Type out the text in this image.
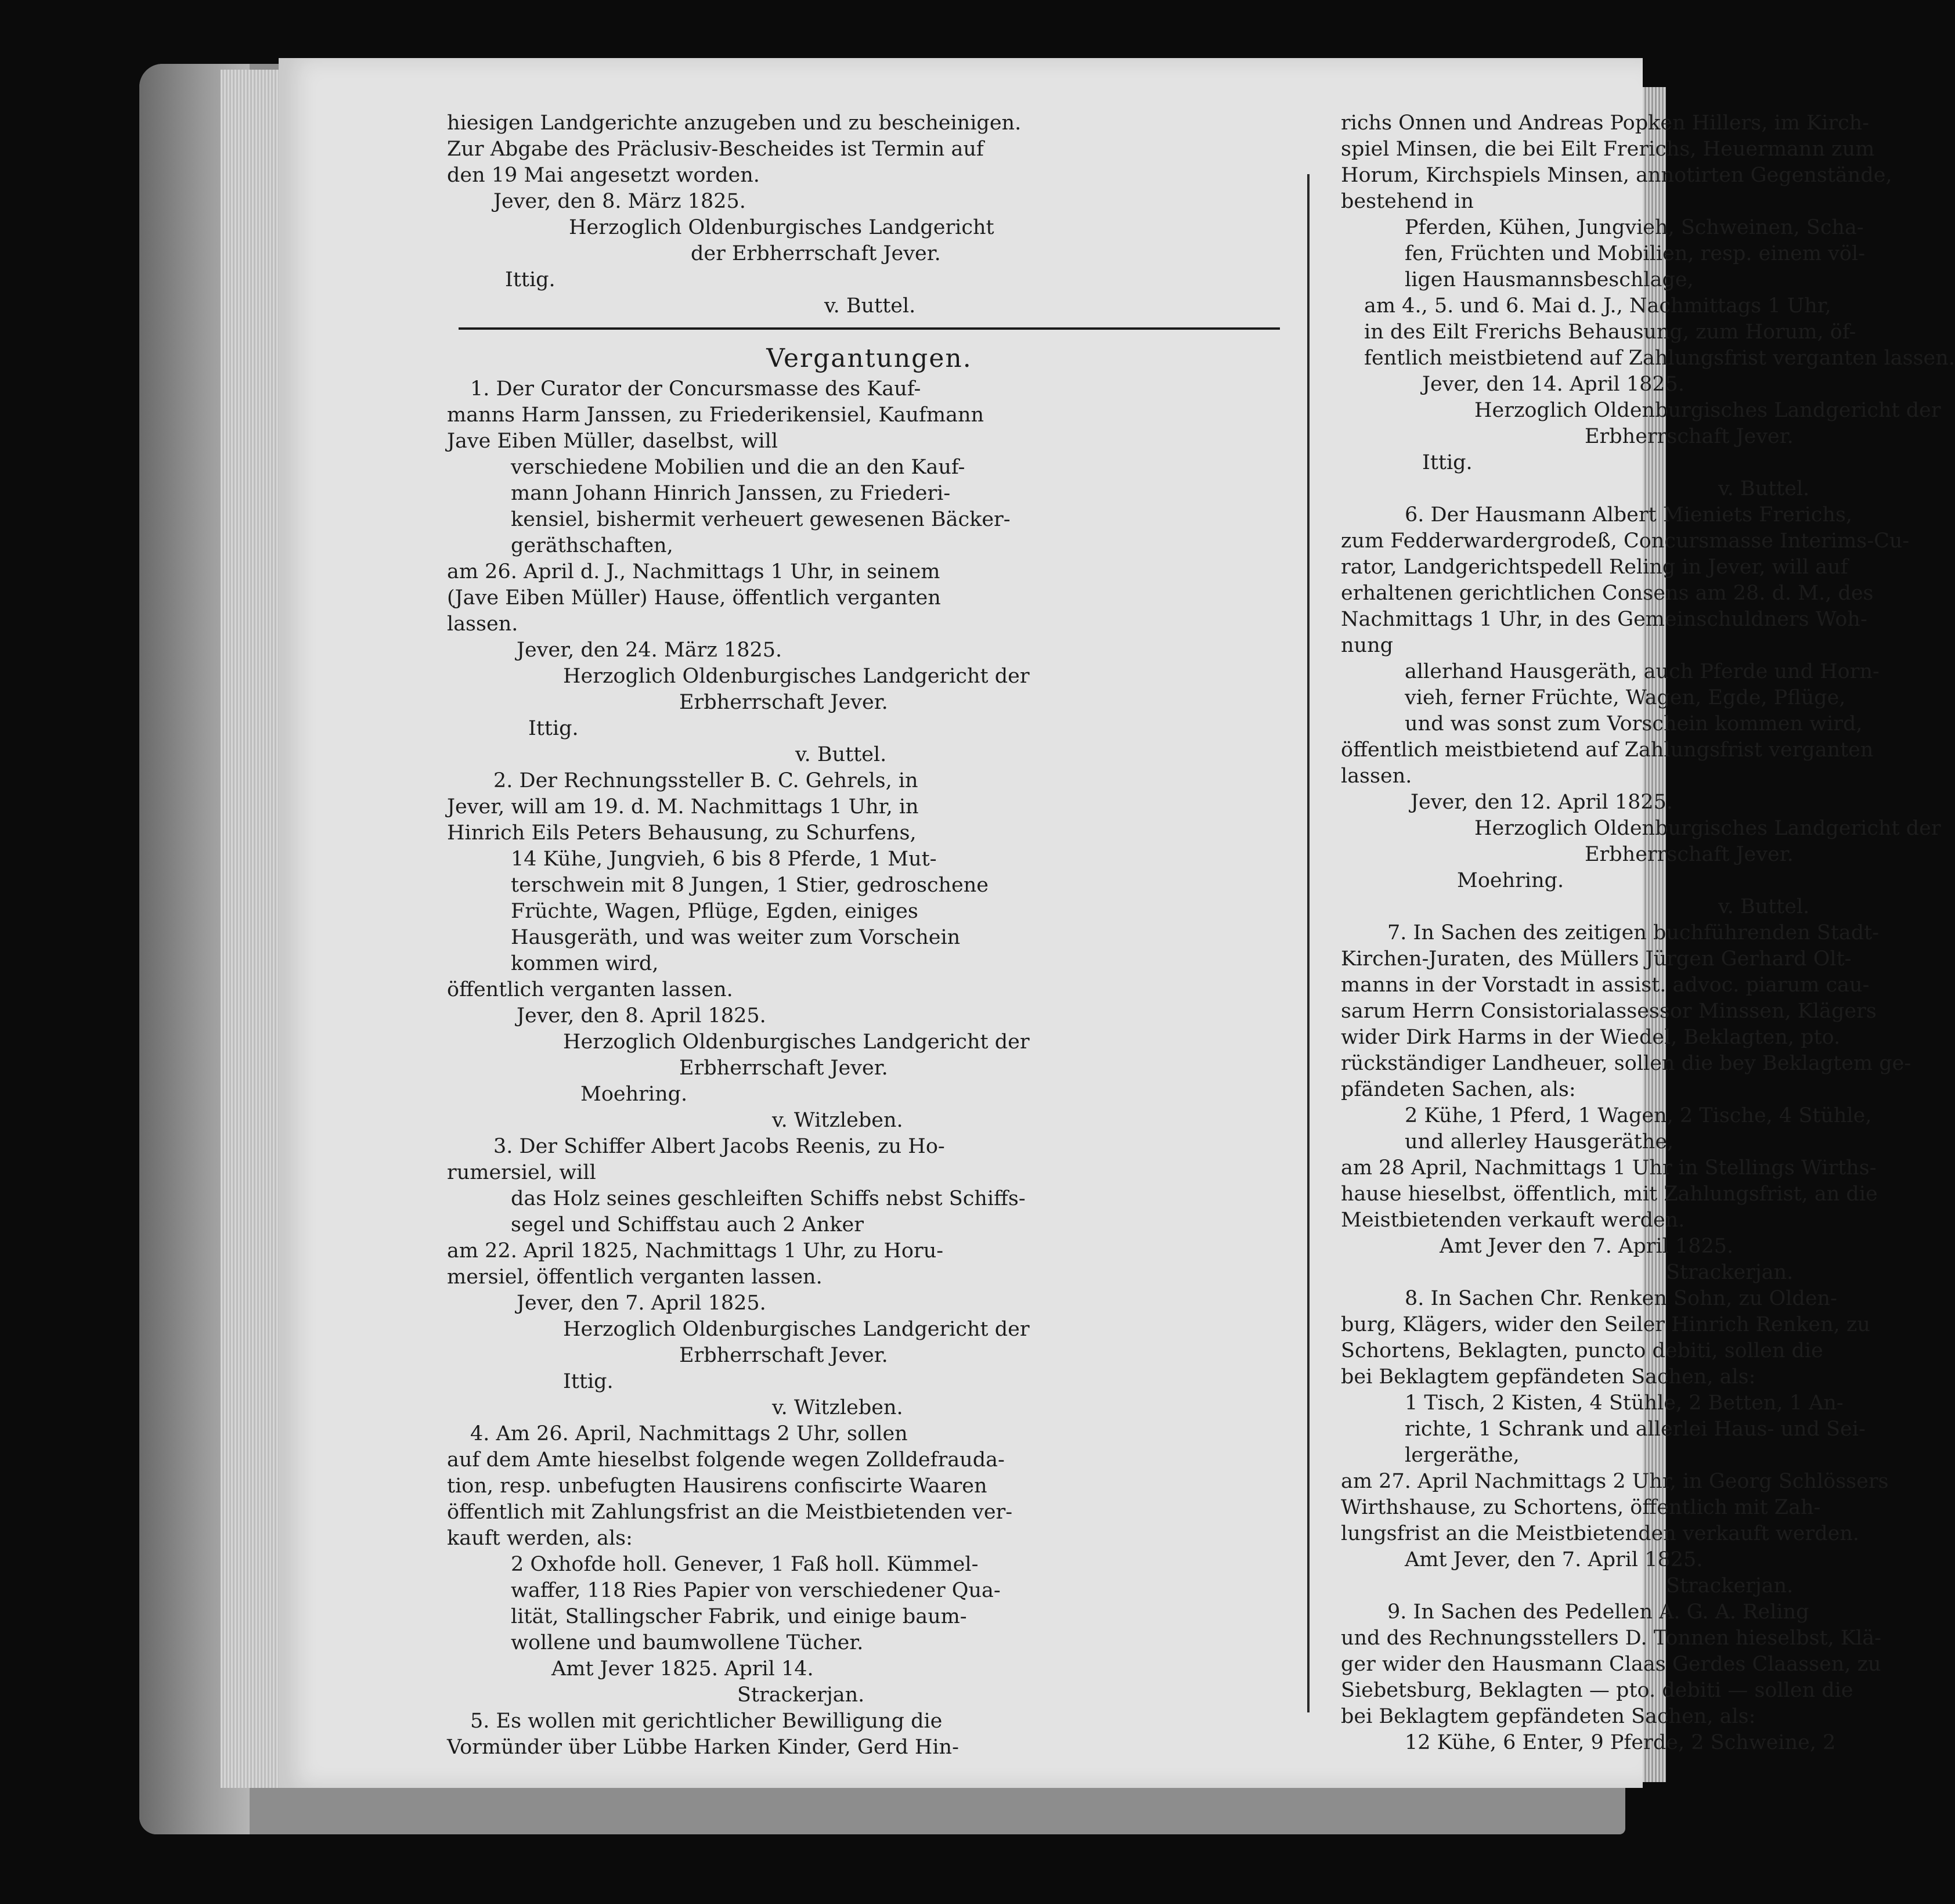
hiesigen Landgerichte anzugeben und zu bescheinigen.
Zur Abgabe des Präclusiv-Bescheides ist Termin auf
den 19 Mai angesetzt worden.
Jever, den 8. März 1825.
Herzoglich Oldenburgisches Landgericht
der Erbherrschaft Jever.
Ittig.
v. Buttel.
Vergantungen.
1. Der Curator der Concursmasse des Kauf-
manns Harm Janssen, zu Friederikensiel, Kaufmann
Jave Eiben Müller, daselbst, will
verschiedene Mobilien und die an den Kauf-
mann Johann Hinrich Janssen, zu Friederi-
kensiel, bishermit verheuert gewesenen Bäcker-
geräthschaften,
am 26. April d. J., Nachmittags 1 Uhr, in seinem
(Jave Eiben Müller) Hause, öffentlich verganten
lassen.
Jever, den 24. März 1825.
Herzoglich Oldenburgisches Landgericht der
Erbherrschaft Jever.
Ittig.
v. Buttel.
2. Der Rechnungssteller B. C. Gehrels, in
Jever, will am 19. d. M. Nachmittags 1 Uhr, in
Hinrich Eils Peters Behausung, zu Schurfens,
14 Kühe, Jungvieh, 6 bis 8 Pferde, 1 Mut-
terschwein mit 8 Jungen, 1 Stier, gedroschene
Früchte, Wagen, Pflüge, Egden, einiges
Hausgeräth, und was weiter zum Vorschein
kommen wird,
öffentlich verganten lassen.
Jever, den 8. April 1825.
Herzoglich Oldenburgisches Landgericht der
Erbherrschaft Jever.
Moehring.
v. Witzleben.
3. Der Schiffer Albert Jacobs Reenis, zu Ho-
rumersiel, will
das Holz seines geschleiften Schiffs nebst Schiffs-
segel und Schiffstau auch 2 Anker
am 22. April 1825, Nachmittags 1 Uhr, zu Horu-
mersiel, öffentlich verganten lassen.
Jever, den 7. April 1825.
Herzoglich Oldenburgisches Landgericht der
Erbherrschaft Jever.
Ittig.
v. Witzleben.
4. Am 26. April, Nachmittags 2 Uhr, sollen
auf dem Amte hieselbst folgende wegen Zolldefrauda-
tion, resp. unbefugten Hausirens confiscirte Waaren
öffentlich mit Zahlungsfrist an die Meistbietenden ver-
kauft werden, als:
2 Oxhofde holl. Genever, 1 Faß holl. Kümmel-
waffer, 118 Ries Papier von verschiedener Qua-
lität, Stallingscher Fabrik, und einige baum-
wollene und baumwollene Tücher.
Amt Jever 1825. April 14.
Strackerjan.
5. Es wollen mit gerichtlicher Bewilligung die
Vormünder über Lübbe Harken Kinder, Gerd Hin-
richs Onnen und Andreas Popken Hillers, im Kirch-
spiel Minsen, die bei Eilt Frerichs, Heuermann zum
Horum, Kirchspiels Minsen, annotirten Gegenstände,
bestehend in
Pferden, Kühen, Jungvieh, Schweinen, Scha-
fen, Früchten und Mobilien, resp. einem völ-
ligen Hausmannsbeschlage,
am 4., 5. und 6. Mai d. J., Nachmittags 1 Uhr,
in des Eilt Frerichs Behausung, zum Horum, öf-
fentlich meistbietend auf Zahlungsfrist verganten lassen.
Jever, den 14. April 1825.
Herzoglich Oldenburgisches Landgericht der
Erbherrschaft Jever.
Ittig.
v. Buttel.
6. Der Hausmann Albert Mieniets Frerichs,
zum Fedderwardergrodeß, Concursmasse Interims-Cu-
rator, Landgerichtspedell Reling in Jever, will auf
erhaltenen gerichtlichen Consens am 28. d. M., des
Nachmittags 1 Uhr, in des Gemeinschuldners Woh-
nung
allerhand Hausgeräth, auch Pferde und Horn-
vieh, ferner Früchte, Wagen, Egde, Pflüge,
und was sonst zum Vorschein kommen wird,
öffentlich meistbietend auf Zahlungsfrist verganten
lassen.
Jever, den 12. April 1825.
Herzoglich Oldenburgisches Landgericht der
Erbherrschaft Jever.
Moehring.
v. Buttel.
7. In Sachen des zeitigen buchführenden Stadt-
Kirchen-Juraten, des Müllers Jürgen Gerhard Olt-
manns in der Vorstadt in assist. advoc. piarum cau-
sarum Herrn Consistorialassessor Minssen, Klägers
wider Dirk Harms in der Wiedel, Beklagten, pto.
rückständiger Landheuer, sollen die bey Beklagtem ge-
pfändeten Sachen, als:
2 Kühe, 1 Pferd, 1 Wagen, 2 Tische, 4 Stühle,
und allerley Hausgeräthe,
am 28 April, Nachmittags 1 Uhr in Stellings Wirths-
hause hieselbst, öffentlich, mit Zahlungsfrist, an die
Meistbietenden verkauft werden.
Amt Jever den 7. April 1825.
Strackerjan.
8. In Sachen Chr. Renken Sohn, zu Olden-
burg, Klägers, wider den Seiler Hinrich Renken, zu
Schortens, Beklagten, puncto debiti, sollen die
bei Beklagtem gepfändeten Sachen, als:
1 Tisch, 2 Kisten, 4 Stühle, 2 Betten, 1 An-
richte, 1 Schrank und allerlei Haus- und Sei-
lergeräthe,
am 27. April Nachmittags 2 Uhr, in Georg Schlössers
Wirthshause, zu Schortens, öffentlich mit Zah-
lungsfrist an die Meistbietenden verkauft werden.
Amt Jever, den 7. April 1825.
Strackerjan.
9. In Sachen des Pedellen A. G. A. Reling
und des Rechnungsstellers D. Tonnen hieselbst, Klä-
ger wider den Hausmann Claas Gerdes Claassen, zu
Siebetsburg, Beklagten — pto. debiti — sollen die
bei Beklagtem gepfändeten Sachen, als:
12 Kühe, 6 Enter, 9 Pferde, 2 Schweine, 2
